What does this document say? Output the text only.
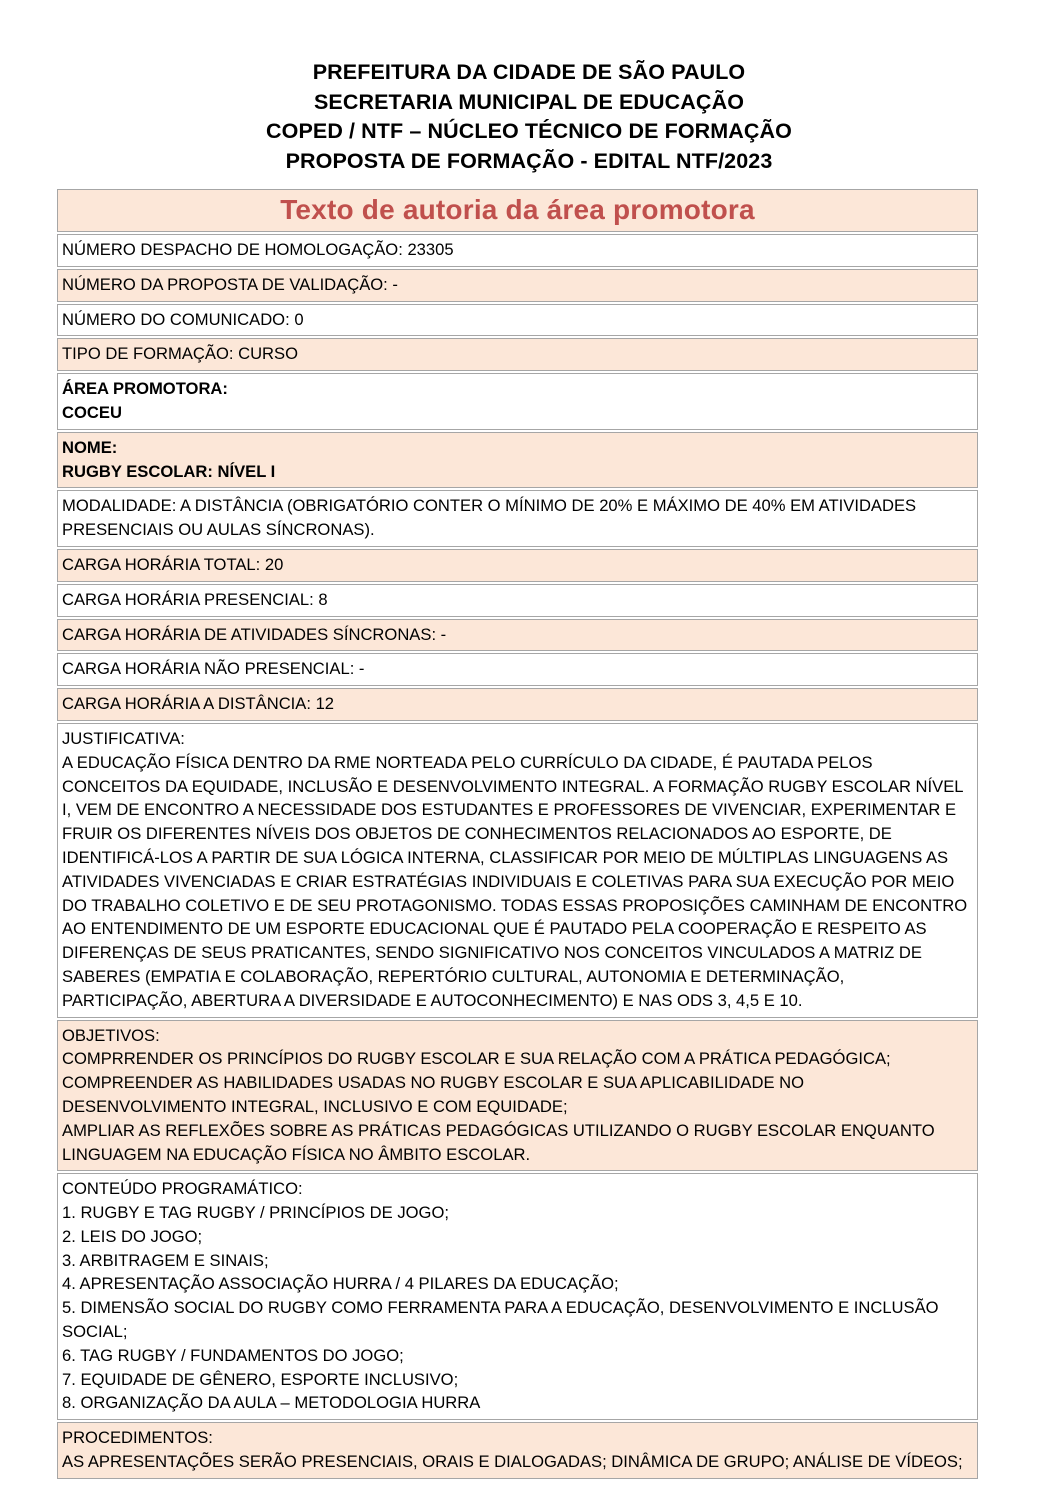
PREFEITURA DA CIDADE DE SÃO PAULO
SECRETARIA MUNICIPAL DE EDUCAÇÃO
COPED / NTF – NÚCLEO TÉCNICO DE FORMAÇÃO
PROPOSTA DE FORMAÇÃO - EDITAL NTF/2023
Texto de autoria da área promotora
NÚMERO DESPACHO DE HOMOLOGAÇÃO: 23305
NÚMERO DA PROPOSTA DE VALIDAÇÃO: -
NÚMERO DO COMUNICADO: 0
TIPO DE FORMAÇÃO: CURSO

ÁREA PROMOTORA:
COCEU

NOME:
RUGBY ESCOLAR: NÍVEL I

MODALIDADE: A DISTÂNCIA (OBRIGATÓRIO CONTER O MÍNIMO DE 20% E MÁXIMO DE 40% EM ATIVIDADES PRESENCIAIS OU AULAS SÍNCRONAS).

CARGA HORÁRIA TOTAL: 20
CARGA HORÁRIA PRESENCIAL: 8
CARGA HORÁRIA DE ATIVIDADES SÍNCRONAS: -
CARGA HORÁRIA NÃO PRESENCIAL: -
CARGA HORÁRIA A DISTÂNCIA: 12

JUSTIFICATIVA:
A EDUCAÇÃO FÍSICA DENTRO DA RME NORTEADA PELO CURRÍCULO DA CIDADE, É PAUTADA PELOS CONCEITOS DA EQUIDADE, INCLUSÃO E DESENVOLVIMENTO INTEGRAL. A FORMAÇÃO RUGBY ESCOLAR NÍVEL I, VEM DE ENCONTRO A NECESSIDADE DOS ESTUDANTES E PROFESSORES DE VIVENCIAR, EXPERIMENTAR E FRUIR OS DIFERENTES NÍVEIS DOS OBJETOS DE CONHECIMENTOS RELACIONADOS AO ESPORTE, DE IDENTIFICÁ-LOS A PARTIR DE SUA LÓGICA INTERNA, CLASSIFICAR POR MEIO DE MÚLTIPLAS LINGUAGENS AS ATIVIDADES VIVENCIADAS E CRIAR ESTRATÉGIAS INDIVIDUAIS E COLETIVAS PARA SUA EXECUÇÃO POR MEIO DO TRABALHO COLETIVO E DE SEU PROTAGONISMO. TODAS ESSAS PROPOSIÇÕES CAMINHAM DE ENCONTRO AO ENTENDIMENTO DE UM ESPORTE EDUCACIONAL QUE É PAUTADO PELA COOPERAÇÃO E RESPEITO AS DIFERENÇAS DE SEUS PRATICANTES, SENDO SIGNIFICATIVO NOS CONCEITOS VINCULADOS A MATRIZ DE SABERES (EMPATIA E COLABORAÇÃO, REPERTÓRIO CULTURAL, AUTONOMIA E DETERMINAÇÃO, PARTICIPAÇÃO, ABERTURA A DIVERSIDADE E AUTOCONHECIMENTO) E NAS ODS 3, 4,5 E 10.

OBJETIVOS:
COMPRRENDER OS PRINCÍPIOS DO RUGBY ESCOLAR E SUA RELAÇÃO COM A PRÁTICA PEDAGÓGICA;
COMPREENDER AS HABILIDADES USADAS NO RUGBY ESCOLAR E SUA APLICABILIDADE NO DESENVOLVIMENTO INTEGRAL, INCLUSIVO E COM EQUIDADE;
AMPLIAR AS REFLEXÕES SOBRE AS PRÁTICAS PEDAGÓGICAS UTILIZANDO O RUGBY ESCOLAR ENQUANTO LINGUAGEM NA EDUCAÇÃO FÍSICA NO ÂMBITO ESCOLAR.

CONTEÚDO PROGRAMÁTICO:
1. RUGBY E TAG RUGBY / PRINCÍPIOS DE JOGO;
2. LEIS DO JOGO;
3. ARBITRAGEM E SINAIS;
4. APRESENTAÇÃO ASSOCIAÇÃO HURRA / 4 PILARES DA EDUCAÇÃO;
5. DIMENSÃO SOCIAL DO RUGBY COMO FERRAMENTA PARA A EDUCAÇÃO, DESENVOLVIMENTO E INCLUSÃO SOCIAL;
6. TAG RUGBY / FUNDAMENTOS DO JOGO;
7. EQUIDADE DE GÊNERO, ESPORTE INCLUSIVO;
8. ORGANIZAÇÃO DA AULA – METODOLOGIA HURRA

PROCEDIMENTOS:
AS APRESENTAÇÕES SERÃO PRESENCIAIS, ORAIS E DIALOGADAS; DINÂMICA DE GRUPO; ANÁLISE DE VÍDEOS;
